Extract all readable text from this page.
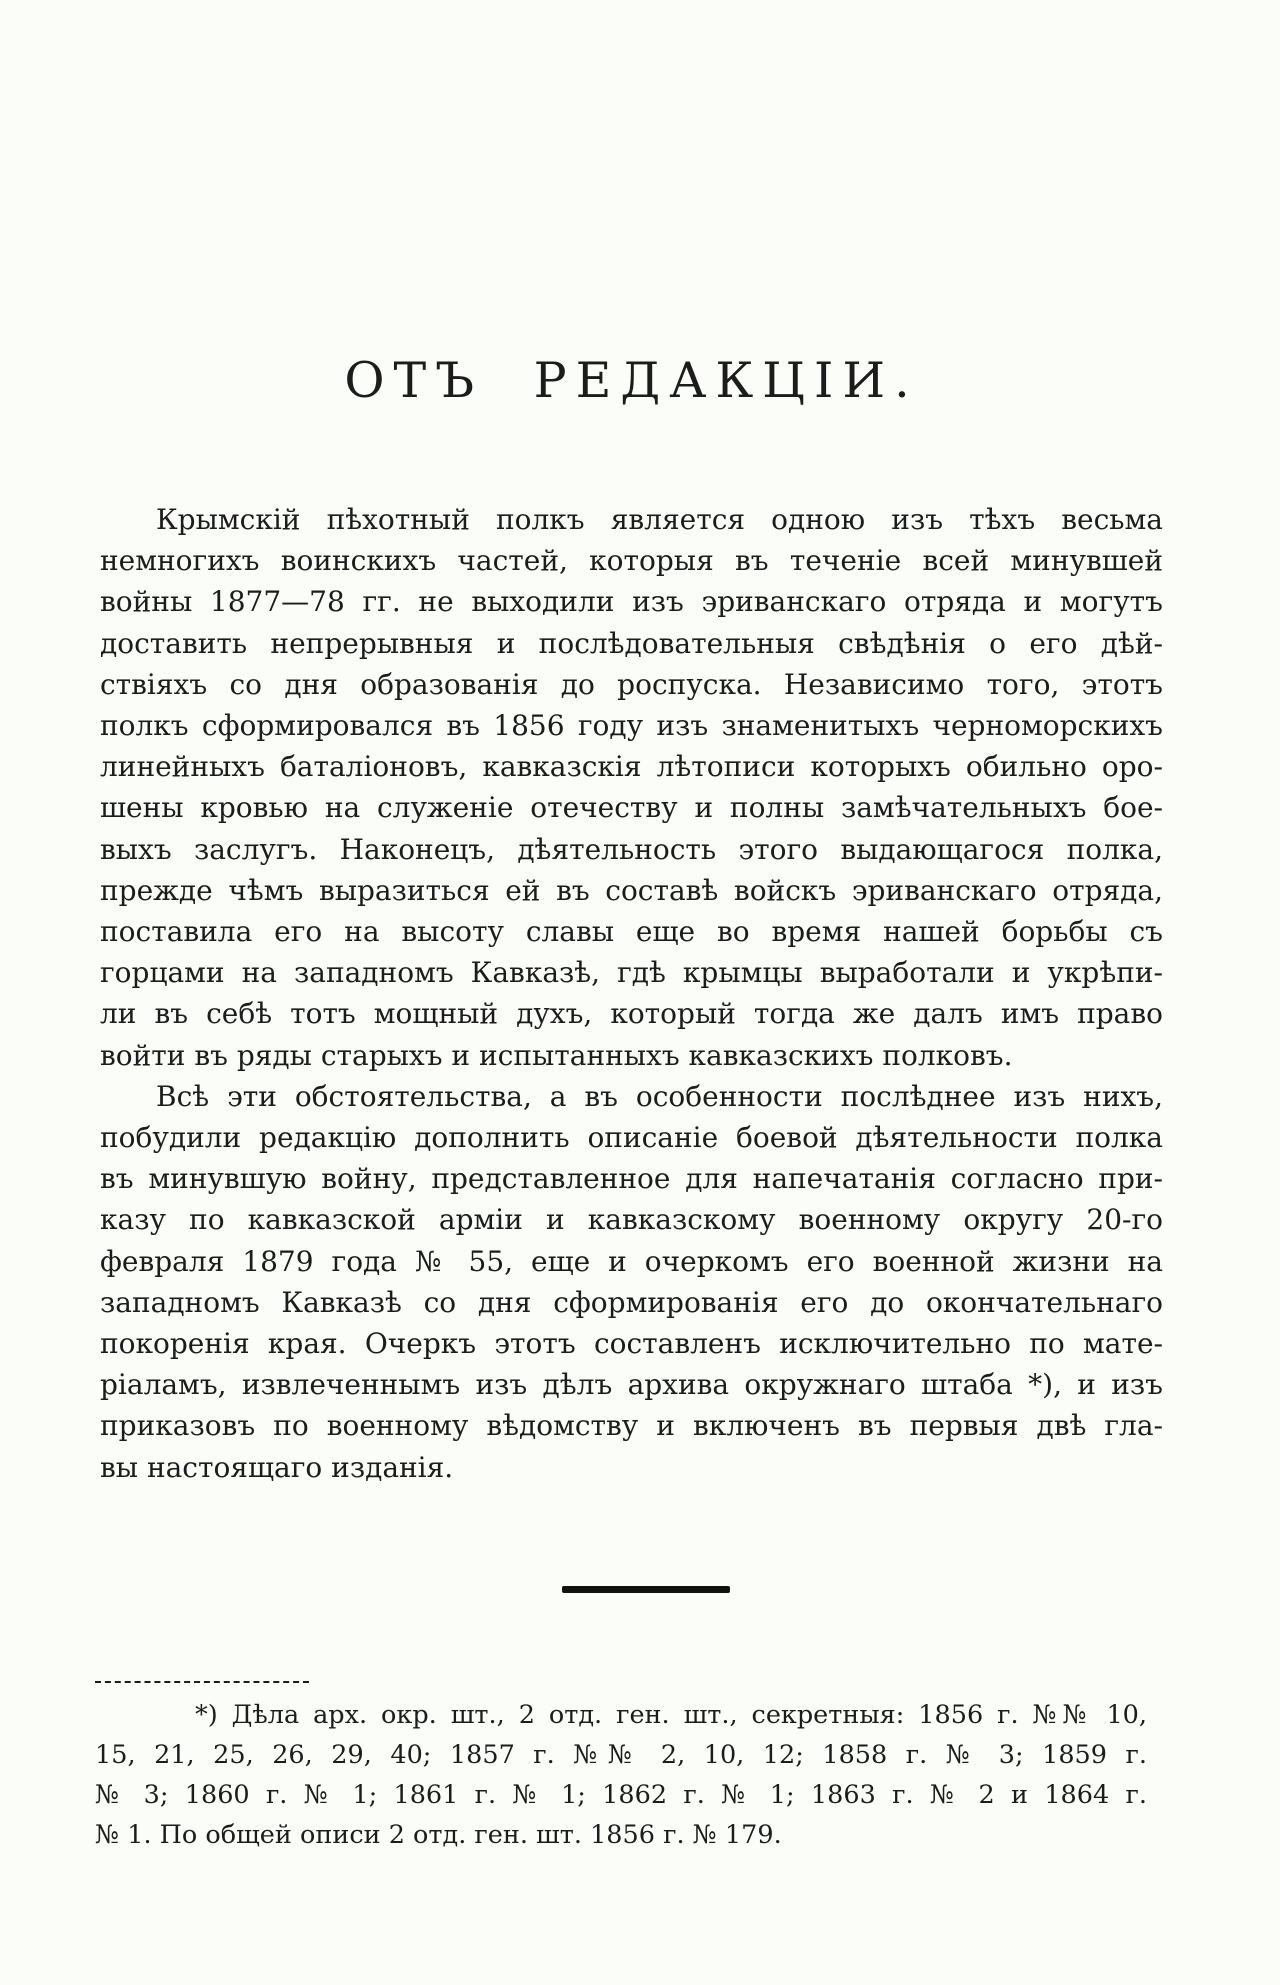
ОТЪ РЕДАКЦІИ.
Крымскій пѣхотный полкъ является одною изъ тѣхъ весьма
немногихъ воинскихъ частей, которыя въ теченіе всей минувшей
войны 1877—78 гг. не выходили изъ эриванскаго отряда и могутъ
доставить непрерывныя и послѣдовательныя свѣдѣнія о его дѣй-
ствіяхъ со дня образованія до роспуска. Независимо того, этотъ
полкъ сформировался въ 1856 году изъ знаменитыхъ черноморскихъ
линейныхъ баталіоновъ, кавказскія лѣтописи которыхъ обильно оро-
шены кровью на служеніе отечеству и полны замѣчательныхъ бое-
выхъ заслугъ. Наконецъ, дѣятельность этого выдающагося полка,
прежде чѣмъ выразиться ей въ составѣ войскъ эриванскаго отряда,
поставила его на высоту славы еще во время нашей борьбы съ
горцами на западномъ Кавказѣ, гдѣ крымцы выработали и укрѣпи-
ли въ себѣ тотъ мощный духъ, который тогда же далъ имъ право
войти въ ряды старыхъ и испытанныхъ кавказскихъ полковъ.
Всѣ эти обстоятельства, а въ особенности послѣднее изъ нихъ,
побудили редакцію дополнить описаніе боевой дѣятельности полка
въ минувшую войну, представленное для напечатанія согласно при-
казу по кавказской арміи и кавказскому военному округу 20-го
февраля 1879 года № 55, еще и очеркомъ его военной жизни на
западномъ Кавказѣ со дня сформированія его до окончательнаго
покоренія края. Очеркъ этотъ составленъ исключительно по мате-
ріаламъ, извлеченнымъ изъ дѣлъ архива окружнаго штаба *), и изъ
приказовъ по военному вѣдомству и включенъ въ первыя двѣ гла-
вы настоящаго изданія.
*) Дѣла арх. окр. шт., 2 отд. ген. шт., секретныя: 1856 г. №№ 10,
15, 21, 25, 26, 29, 40; 1857 г. №№ 2, 10, 12; 1858 г. № 3; 1859 г.
№ 3; 1860 г. № 1; 1861 г. № 1; 1862 г. № 1; 1863 г. № 2 и 1864 г.
№ 1. По общей описи 2 отд. ген. шт. 1856 г. № 179.
